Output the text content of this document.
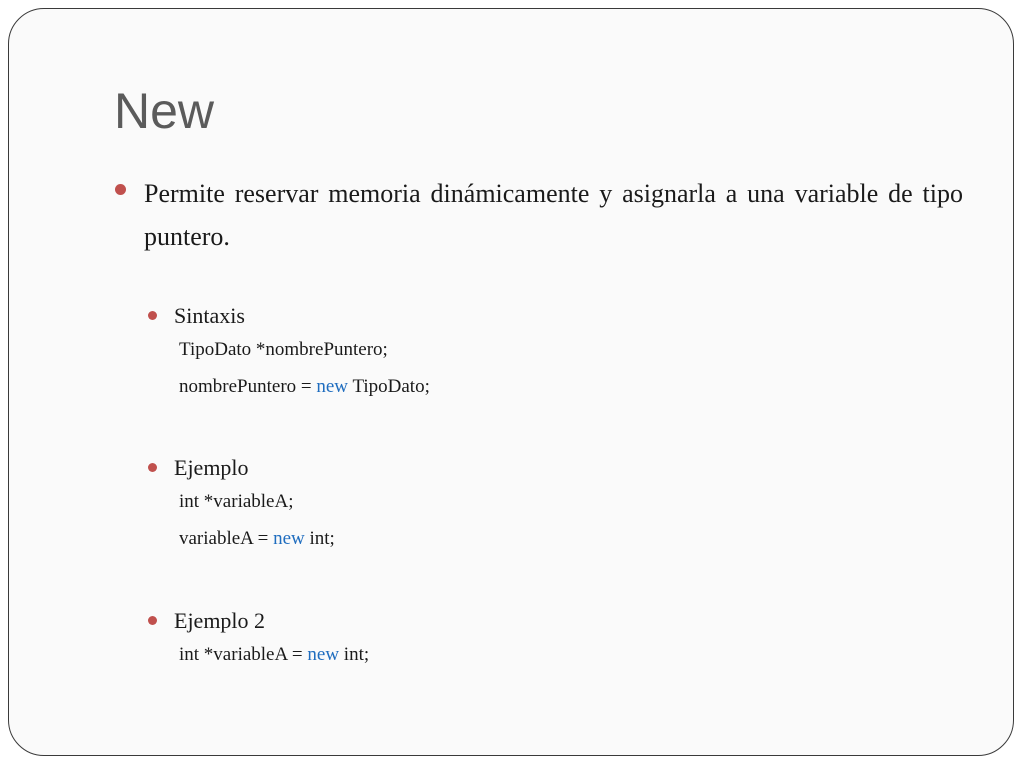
New
Permite reservar memoria dinámicamente y asignarla a una variable de tipo puntero.
Sintaxis
TipoDato *nombrePuntero;
nombrePuntero = new TipoDato;
Ejemplo
int *variableA;
variableA = new int;
Ejemplo 2
int *variableA = new int;
